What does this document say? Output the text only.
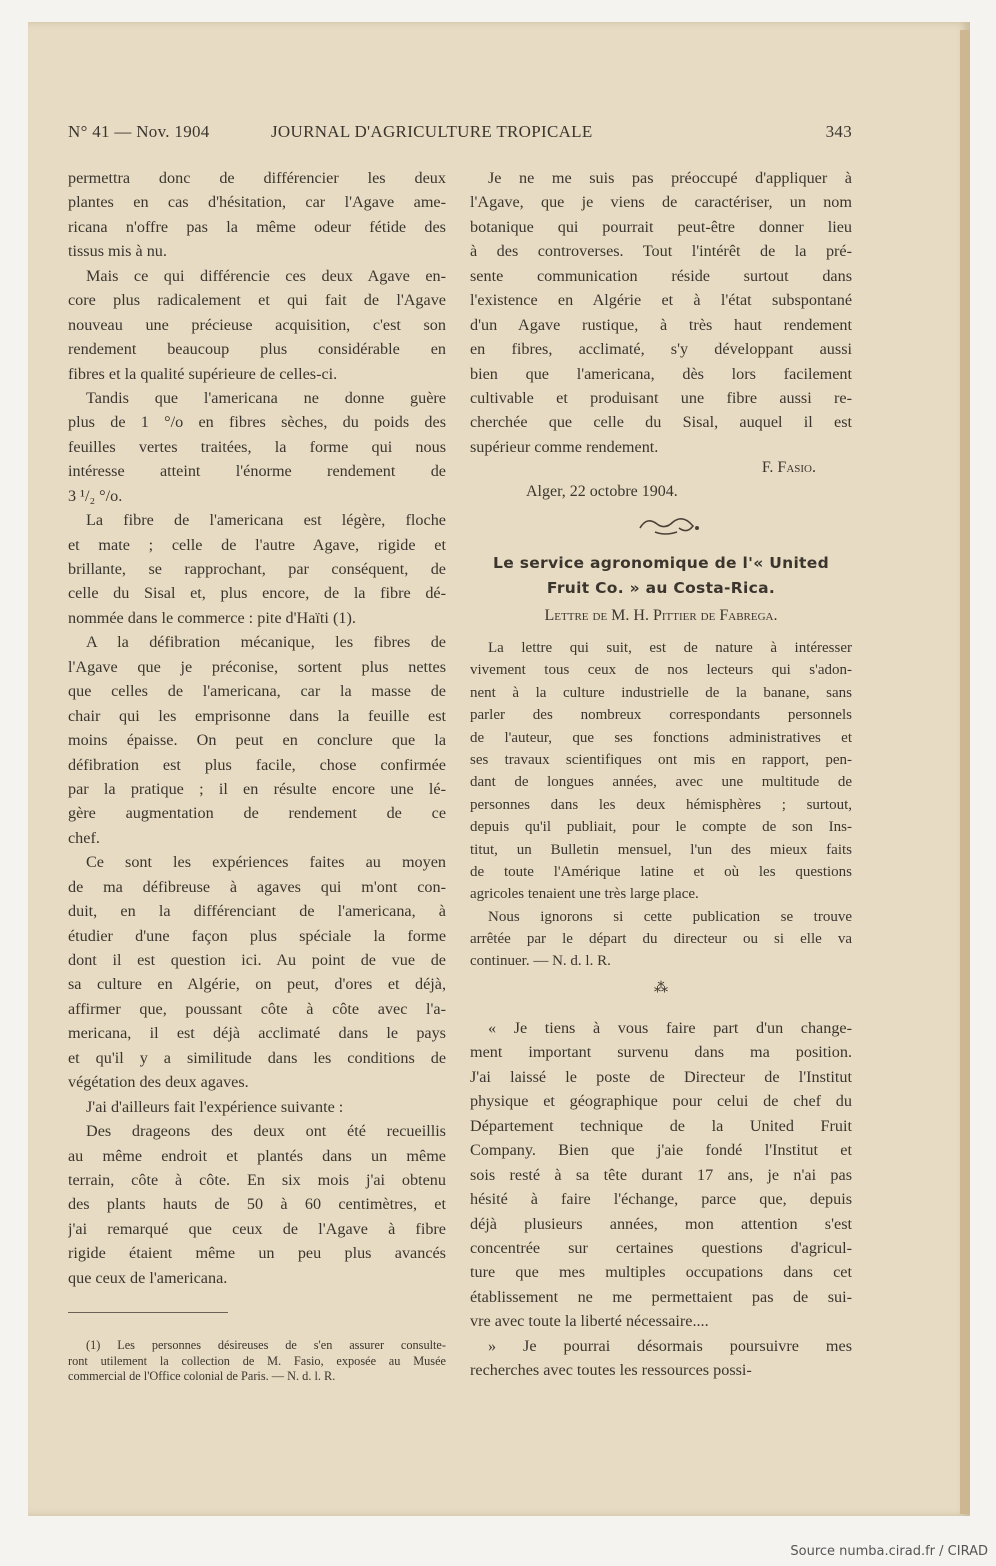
N° 41 — Nov. 1904	JOURNAL D'AGRICULTURE TROPICALE	343
permettra donc de différencier les deux
plantes en cas d'hésitation, car l'Agave ame-
ricana n'offre pas la même odeur fétide des
tissus mis à nu.
Mais ce qui différencie ces deux Agave en-
core plus radicalement et qui fait de l'Agave
nouveau une précieuse acquisition, c'est son
rendement beaucoup plus considérable en
fibres et la qualité supérieure de celles-ci.
Tandis que l'americana ne donne guère
plus de 1 °/o en fibres sèches, du poids des
feuilles vertes traitées, la forme qui nous
intéresse atteint l'énorme rendement de
3 ¹/₂ °/o.
La fibre de l'americana est légère, floche
et mate ; celle de l'autre Agave, rigide et
brillante, se rapprochant, par conséquent, de
celle du Sisal et, plus encore, de la fibre dé-
nommée dans le commerce : pite d'Haïti (1).
A la défibration mécanique, les fibres de
l'Agave que je préconise, sortent plus nettes
que celles de l'americana, car la masse de
chair qui les emprisonne dans la feuille est
moins épaisse. On peut en conclure que la
défibration est plus facile, chose confirmée
par la pratique ; il en résulte encore une lé-
gère augmentation de rendement de ce
chef.
Ce sont les expériences faites au moyen
de ma défibreuse à agaves qui m'ont con-
duit, en la différenciant de l'americana, à
étudier d'une façon plus spéciale la forme
dont il est question ici. Au point de vue de
sa culture en Algérie, on peut, d'ores et déjà,
affirmer que, poussant côte à côte avec l'a-
mericana, il est déjà acclimaté dans le pays
et qu'il y a similitude dans les conditions de
végétation des deux agaves.
J'ai d'ailleurs fait l'expérience suivante :
Des drageons des deux ont été recueillis
au même endroit et plantés dans un même
terrain, côte à côte. En six mois j'ai obtenu
des plants hauts de 50 à 60 centimètres, et
j'ai remarqué que ceux de l'Agave à fibre
rigide étaient même un peu plus avancés
que ceux de l'americana.
(1) Les personnes désireuses de s'en assurer consulte-
ront utilement la collection de M. Fasio, exposée au Musée
commercial de l'Office colonial de Paris. — N. d. l. R.
Je ne me suis pas préoccupé d'appliquer à
l'Agave, que je viens de caractériser, un nom
botanique qui pourrait peut-être donner lieu
à des controverses. Tout l'intérêt de la pré-
sente communication réside surtout dans
l'existence en Algérie et à l'état subspontané
d'un Agave rustique, à très haut rendement
en fibres, acclimaté, s'y développant aussi
bien que l'americana, dès lors facilement
cultivable et produisant une fibre aussi re-
cherchée que celle du Sisal, auquel il est
supérieur comme rendement.
F. Fasio.
Alger, 22 octobre 1904.
Le service agronomique de l'« United
Fruit Co. » au Costa-Rica.
Lettre de M. H. Pittier de Fabrega.
La lettre qui suit, est de nature à intéresser
vivement tous ceux de nos lecteurs qui s'adon-
nent à la culture industrielle de la banane, sans
parler des nombreux correspondants personnels
de l'auteur, que ses fonctions administratives et
ses travaux scientifiques ont mis en rapport, pen-
dant de longues années, avec une multitude de
personnes dans les deux hémisphères ; surtout,
depuis qu'il publiait, pour le compte de son Ins-
titut, un Bulletin mensuel, l'un des mieux faits
de toute l'Amérique latine et où les questions
agricoles tenaient une très large place.
Nous ignorons si cette publication se trouve
arrêtée par le départ du directeur ou si elle va
continuer. — N. d. l. R.
⁂
« Je tiens à vous faire part d'un change-
ment important survenu dans ma position.
J'ai laissé le poste de Directeur de l'Institut
physique et géographique pour celui de chef du
Département technique de la United Fruit
Company. Bien que j'aie fondé l'Institut et
sois resté à sa tête durant 17 ans, je n'ai pas
hésité à faire l'échange, parce que, depuis
déjà plusieurs années, mon attention s'est
concentrée sur certaines questions d'agricul-
ture que mes multiples occupations dans cet
établissement ne me permettaient pas de sui-
vre avec toute la liberté nécessaire....
» Je pourrai désormais poursuivre mes
recherches avec toutes les ressources possi-
Source numba.cirad.fr / CIRAD
